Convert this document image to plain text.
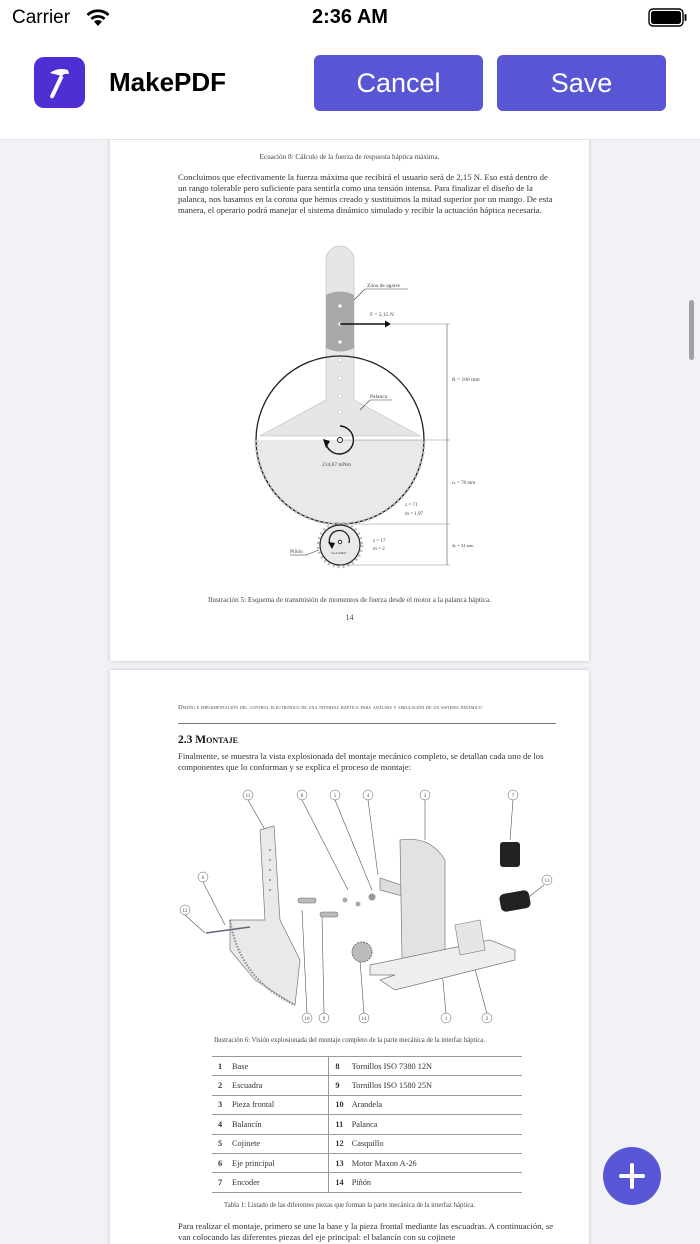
Carrier	2:36 AM
MakePDF	Cancel	Save
Ecuación 8: Cálculo de la fuerza de respuesta háptica máxima.
Concluimos que efectivamente la fuerza máxima que recibirá el usuario será de 2,15 N. Eso está dentro de un rango tolerable pero suficiente para sentirla como una tensión intensa. Para finalizar el diseño de la palanca, nos basamos en la corona que hemos creado y sustituimos la mitad superior por un mango. De esta manera, el operario podrá manejar el sistema dinámico simulado y recibir la actuación háptica necesaria.
F = 2,15 N
Zona de agarre
Palanca
214,67 mNm
R = 100 mm
rₚ = 70 mm
z = 71
m = 1,97
54,4 mNm
z = 17
m = 2
Piñón
dₚ = 34 mm
Ilustración 5: Esquema de transmisión de momentos de fuerza desde el motor a la palanca háptica.
14
Diseño e implementación del control electrónico de una interfaz háptica para análisis y simulación de un sistema dinámico
2.3 Montaje
Finalmente, se muestra la vista explosionada del montaje mecánico completo, se detallan cada uno de los componentes que lo conforman y se explica el proceso de montaje:
11	8	5	4	3	7
6
13
12
10	9	14	1	2
Ilustración 6: Visión explosionada del montaje completo de la parte mecánica de la interfaz háptica.
1	Base	8	Tornillos ISO 7380 12N
2	Escuadra	9	Tornillos ISO 1580 25N
3	Pieza frontal	10	Arandela
4	Balancín	11	Palanca
5	Cojinete	12	Casquillo
6	Eje principal	13	Motor Maxon A-26
7	Encoder	14	Piñón
Tabla 1: Listado de las diferentes piezas que forman la parte mecánica de la interfaz háptica.
Para realizar el montaje, primero se une la base y la pieza frontal mediante las escuadras. A continuación, se van colocando las diferentes piezas del eje principal: el balancín con su cojinete
